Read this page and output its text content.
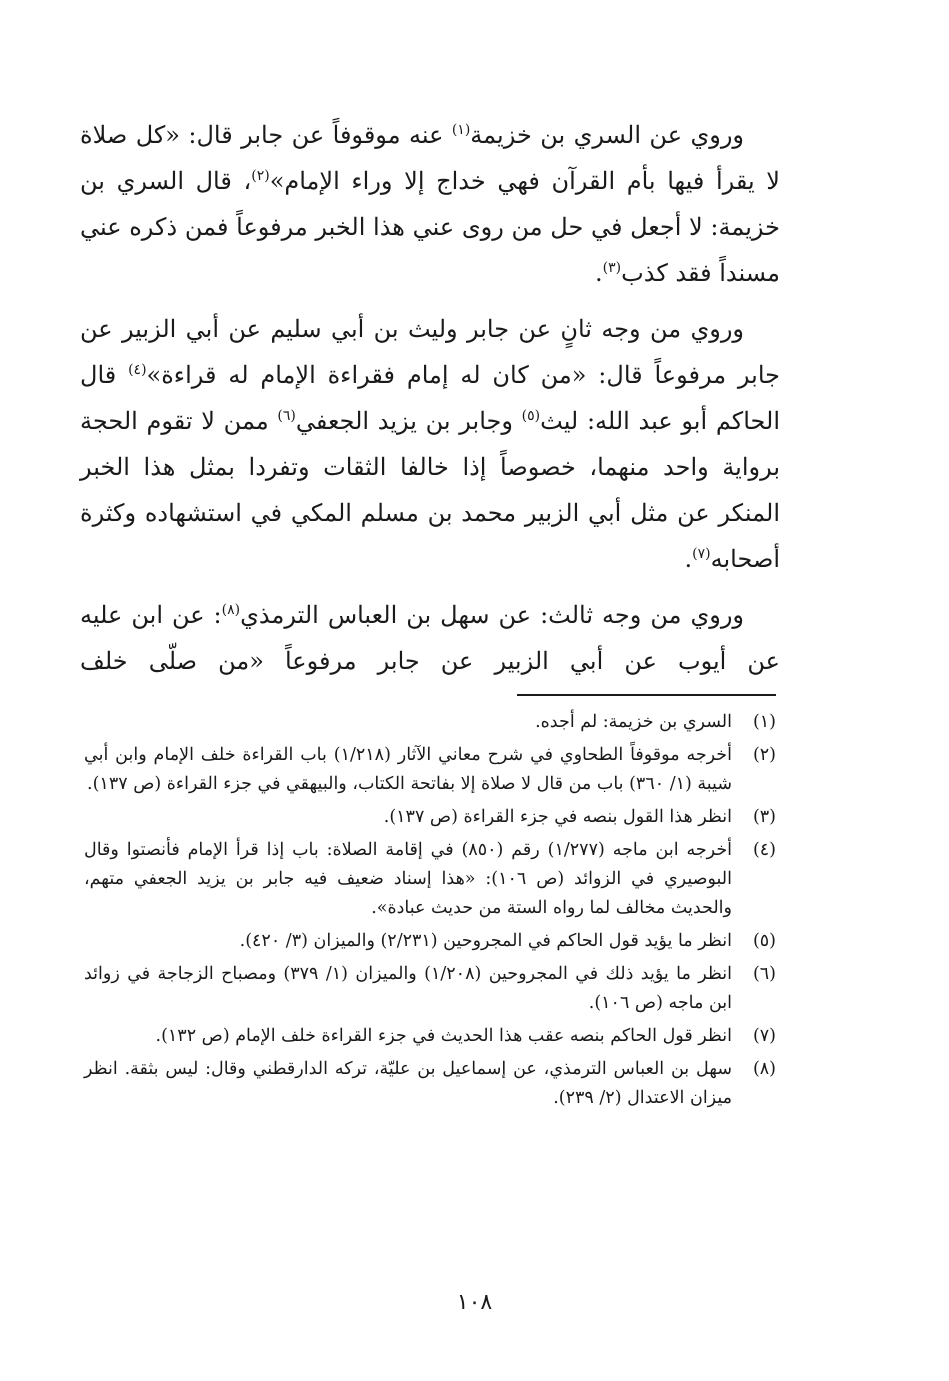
وروي عن السري بن خزيمة$^{(١)}$ عنه موقوفاً عن جابر قال: «كل صلاة لا يقرأ فيها بأم القرآن فهي خداج إلا وراء الإمام»$^{(٢)}$، قال السري بن خزيمة: لا أجعل في حل من روى عني هذا الخبر مرفوعاً فمن ذكره عني مسنداً فقد كذب$^{(٣)}$.

وروي من وجه ثانٍ عن جابر وليث بن أبي سليم عن أبي الزبير عن جابر مرفوعاً قال: «من كان له إمام فقراءة الإمام له قراءة»$^{(٤)}$ قال الحاكم أبو عبد الله: ليث$^{(٥)}$ وجابر بن يزيد الجعفي$^{(٦)}$ ممن لا تقوم الحجة برواية واحد منهما، خصوصاً إذا خالفا الثقات وتفردا بمثل هذا الخبر المنكر عن مثل أبي الزبير محمد بن مسلم المكي في استشهاده وكثرة أصحابه$^{(٧)}$.

وروي من وجه ثالث: عن سهل بن العباس الترمذي$^{(٨)}$: عن ابن عليه عن أيوب عن أبي الزبير عن جابر مرفوعاً «من صلّى خلف

(١)
السري بن خزيمة: لم أجده.
(٢)
أخرجه موقوفاً الطحاوي في شرح معاني الآثار (١/٢١٨) باب القراءة خلف الإمام وابن أبي شيبة (١/ ٣٦٠) باب من قال لا صلاة إلا بفاتحة الكتاب، والبيهقي في جزء القراءة (ص ١٣٧).
(٣)
انظر هذا القول بنصه في جزء القراءة (ص ١٣٧).
(٤)
أخرجه ابن ماجه (١/٢٧٧) رقم (٨٥٠) في إقامة الصلاة: باب إذا قرأ الإمام فأنصتوا وقال البوصيري في الزوائد (ص ١٠٦): «هذا إسناد ضعيف فيه جابر بن يزيد الجعفي متهم، والحديث مخالف لما رواه الستة من حديث عبادة».
(٥)
انظر ما يؤيد قول الحاكم في المجروحين (٢/٢٣١) والميزان (٣/ ٤٢٠).
(٦)
انظر ما يؤيد ذلك في المجروحين (١/٢٠٨) والميزان (١/ ٣٧٩) ومصباح الزجاجة في زوائد ابن ماجه (ص ١٠٦).
(٧)
انظر قول الحاكم بنصه عقب هذا الحديث في جزء القراءة خلف الإمام (ص ١٣٢).
(٨)
سهل بن العباس الترمذي، عن إسماعيل بن عليّة، تركه الدارقطني وقال: ليس بثقة. انظر ميزان الاعتدال (٢/ ٢٣٩).
١٠٨
